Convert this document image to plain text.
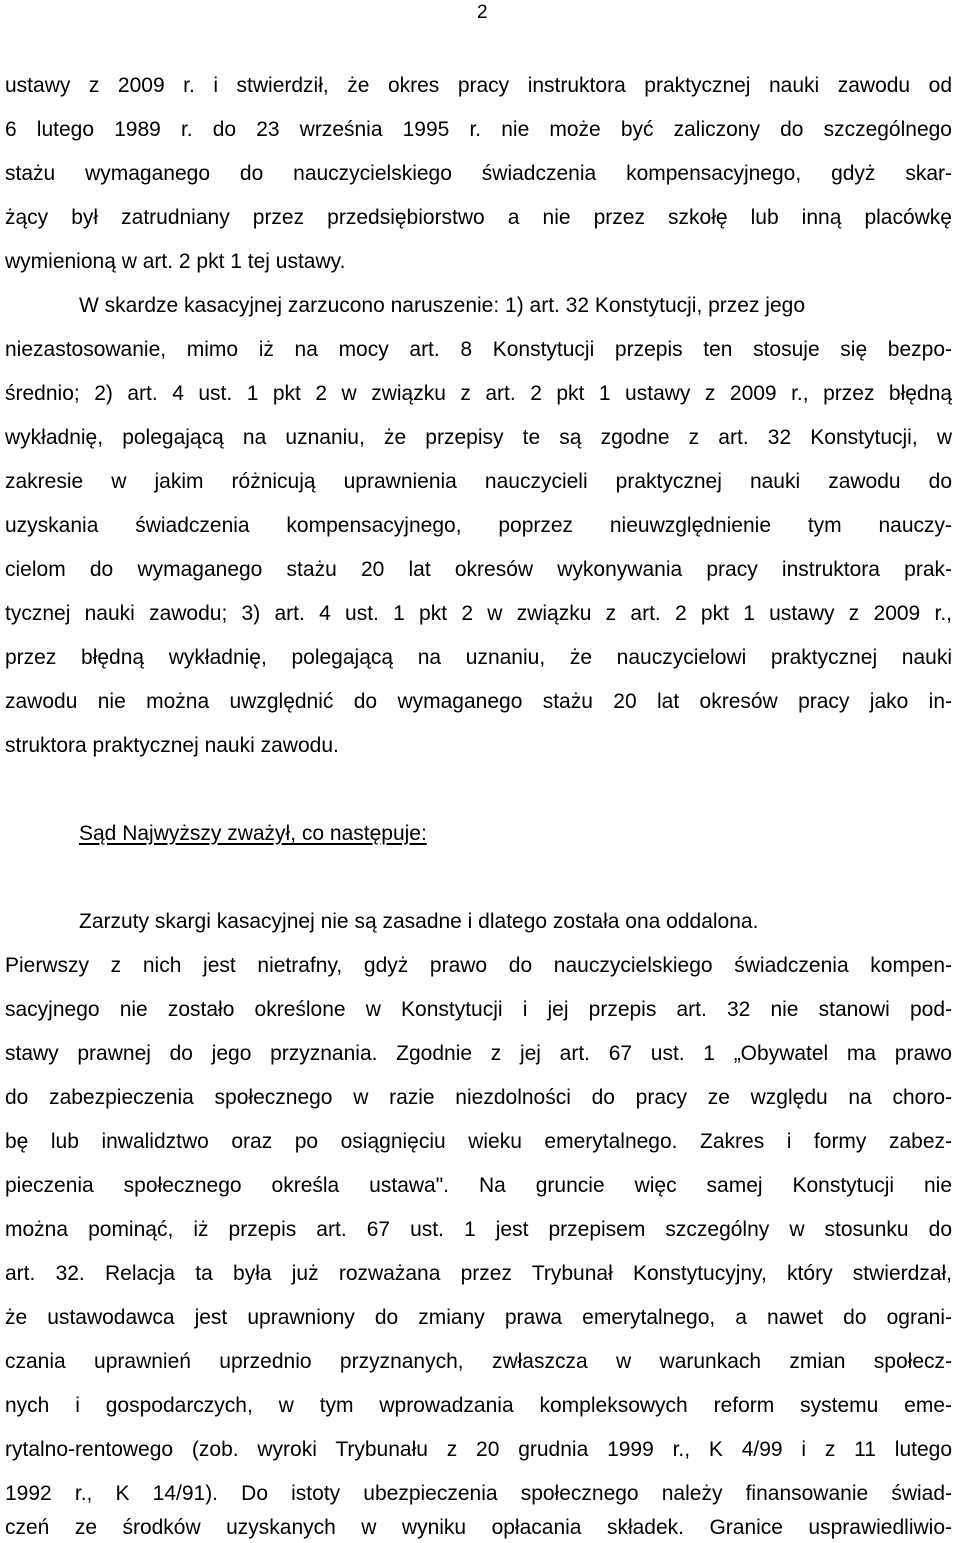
2
ustawy z 2009 r. i stwierdził, że okres pracy instruktora praktycznej nauki zawodu od
6 lutego 1989 r. do 23 września 1995 r. nie może być zaliczony do szczególnego
stażu wymaganego do nauczycielskiego świadczenia kompensacyjnego, gdyż skar-
żący był zatrudniany przez przedsiębiorstwo a nie przez szkołę lub inną placówkę
wymienioną w art. 2 pkt 1 tej ustawy.
W skardze kasacyjnej zarzucono naruszenie: 1) art. 32 Konstytucji, przez jego
niezastosowanie, mimo iż na mocy art. 8 Konstytucji przepis ten stosuje się bezpo-
średnio; 2) art. 4 ust. 1 pkt 2 w związku z art. 2 pkt 1 ustawy z 2009 r., przez błędną
wykładnię, polegającą na uznaniu, że przepisy te są zgodne z art. 32 Konstytucji, w
zakresie w jakim różnicują uprawnienia nauczycieli praktycznej nauki zawodu do
uzyskania świadczenia kompensacyjnego, poprzez nieuwzględnienie tym nauczy-
cielom do wymaganego stażu 20 lat okresów wykonywania pracy instruktora prak-
tycznej nauki zawodu; 3) art. 4 ust. 1 pkt 2 w związku z art. 2 pkt 1 ustawy z 2009 r.,
przez błędną wykładnię, polegającą na uznaniu, że nauczycielowi praktycznej nauki
zawodu nie można uwzględnić do wymaganego stażu 20 lat okresów pracy jako in-
struktora praktycznej nauki zawodu.
Sąd Najwyższy zważył, co następuje:
Zarzuty skargi kasacyjnej nie są zasadne i dlatego została ona oddalona.
Pierwszy z nich jest nietrafny, gdyż prawo do nauczycielskiego świadczenia kompen-
sacyjnego nie zostało określone w Konstytucji i jej przepis art. 32 nie stanowi pod-
stawy prawnej do jego przyznania. Zgodnie z jej art. 67 ust. 1 „Obywatel ma prawo
do zabezpieczenia społecznego w razie niezdolności do pracy ze względu na choro-
bę lub inwalidztwo oraz po osiągnięciu wieku emerytalnego. Zakres i formy zabez-
pieczenia społecznego określa ustawa". Na gruncie więc samej Konstytucji nie
można pominąć, iż przepis art. 67 ust. 1 jest przepisem szczególny w stosunku do
art. 32. Relacja ta była już rozważana przez Trybunał Konstytucyjny, który stwierdzał,
że ustawodawca jest uprawniony do zmiany prawa emerytalnego, a nawet do ograni-
czania uprawnień uprzednio przyznanych, zwłaszcza w warunkach zmian społecz-
nych i gospodarczych, w tym wprowadzania kompleksowych reform systemu eme-
rytalno-rentowego (zob. wyroki Trybunału z 20 grudnia 1999 r., K 4/99 i z 11 lutego
1992 r., K 14/91). Do istoty ubezpieczenia społecznego należy finansowanie świad-
czeń ze środków uzyskanych w wyniku opłacania składek. Granice usprawiedliwio-
